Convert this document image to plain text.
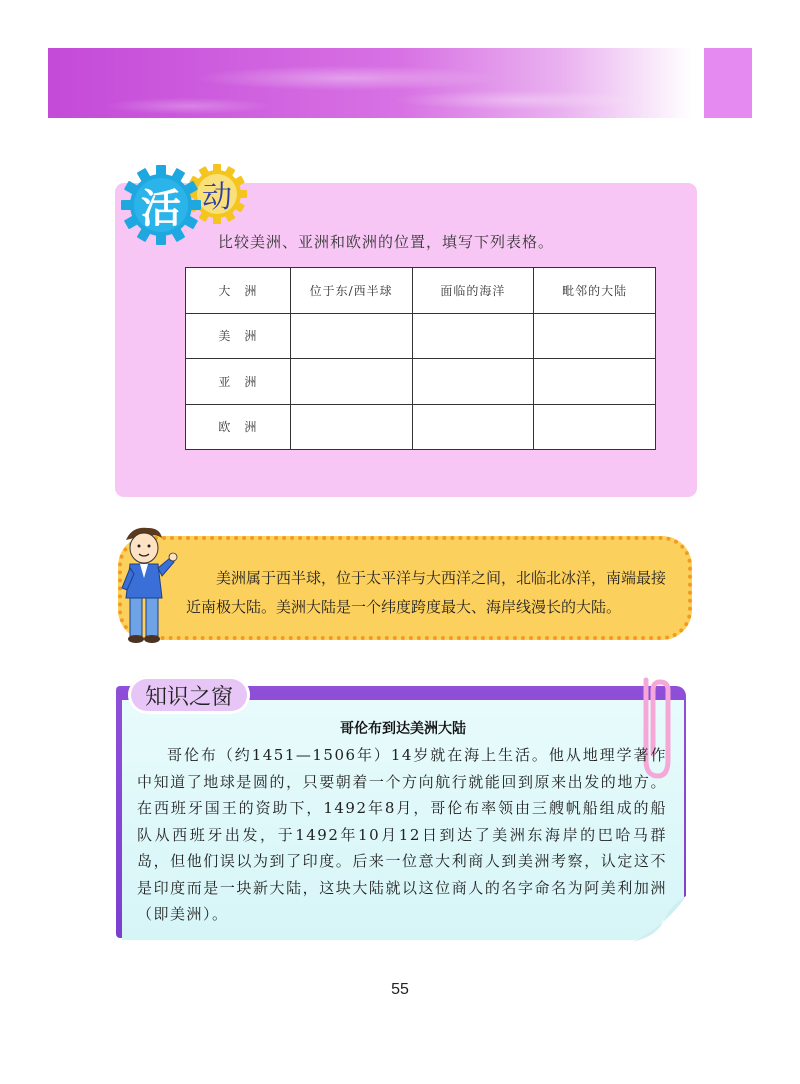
动
活
比较美洲、亚洲和欧洲的位置，填写下列表格。
大　洲	位于东/西半球	面临的海洋	毗邻的大陆
美　洲			
亚　洲			
欧　洲			
美洲属于西半球，位于太平洋与大西洋之间，北临北冰洋，南端最接近南极大陆。美洲大陆是一个纬度跨度最大、海岸线漫长的大陆。
知识之窗
哥伦布到达美洲大陆
哥伦布（约1451—1506年）14岁就在海上生活。他从地理学著作中知道了地球是圆的，只要朝着一个方向航行就能回到原来出发的地方。在西班牙国王的资助下，1492年8月，哥伦布率领由三艘帆船组成的船队从西班牙出发，于1492年10月12日到达了美洲东海岸的巴哈马群岛，但他们误以为到了印度。后来一位意大利商人到美洲考察，认定这不是印度而是一块新大陆，这块大陆就以这位商人的名字命名为阿美利加洲（即美洲）。
55
